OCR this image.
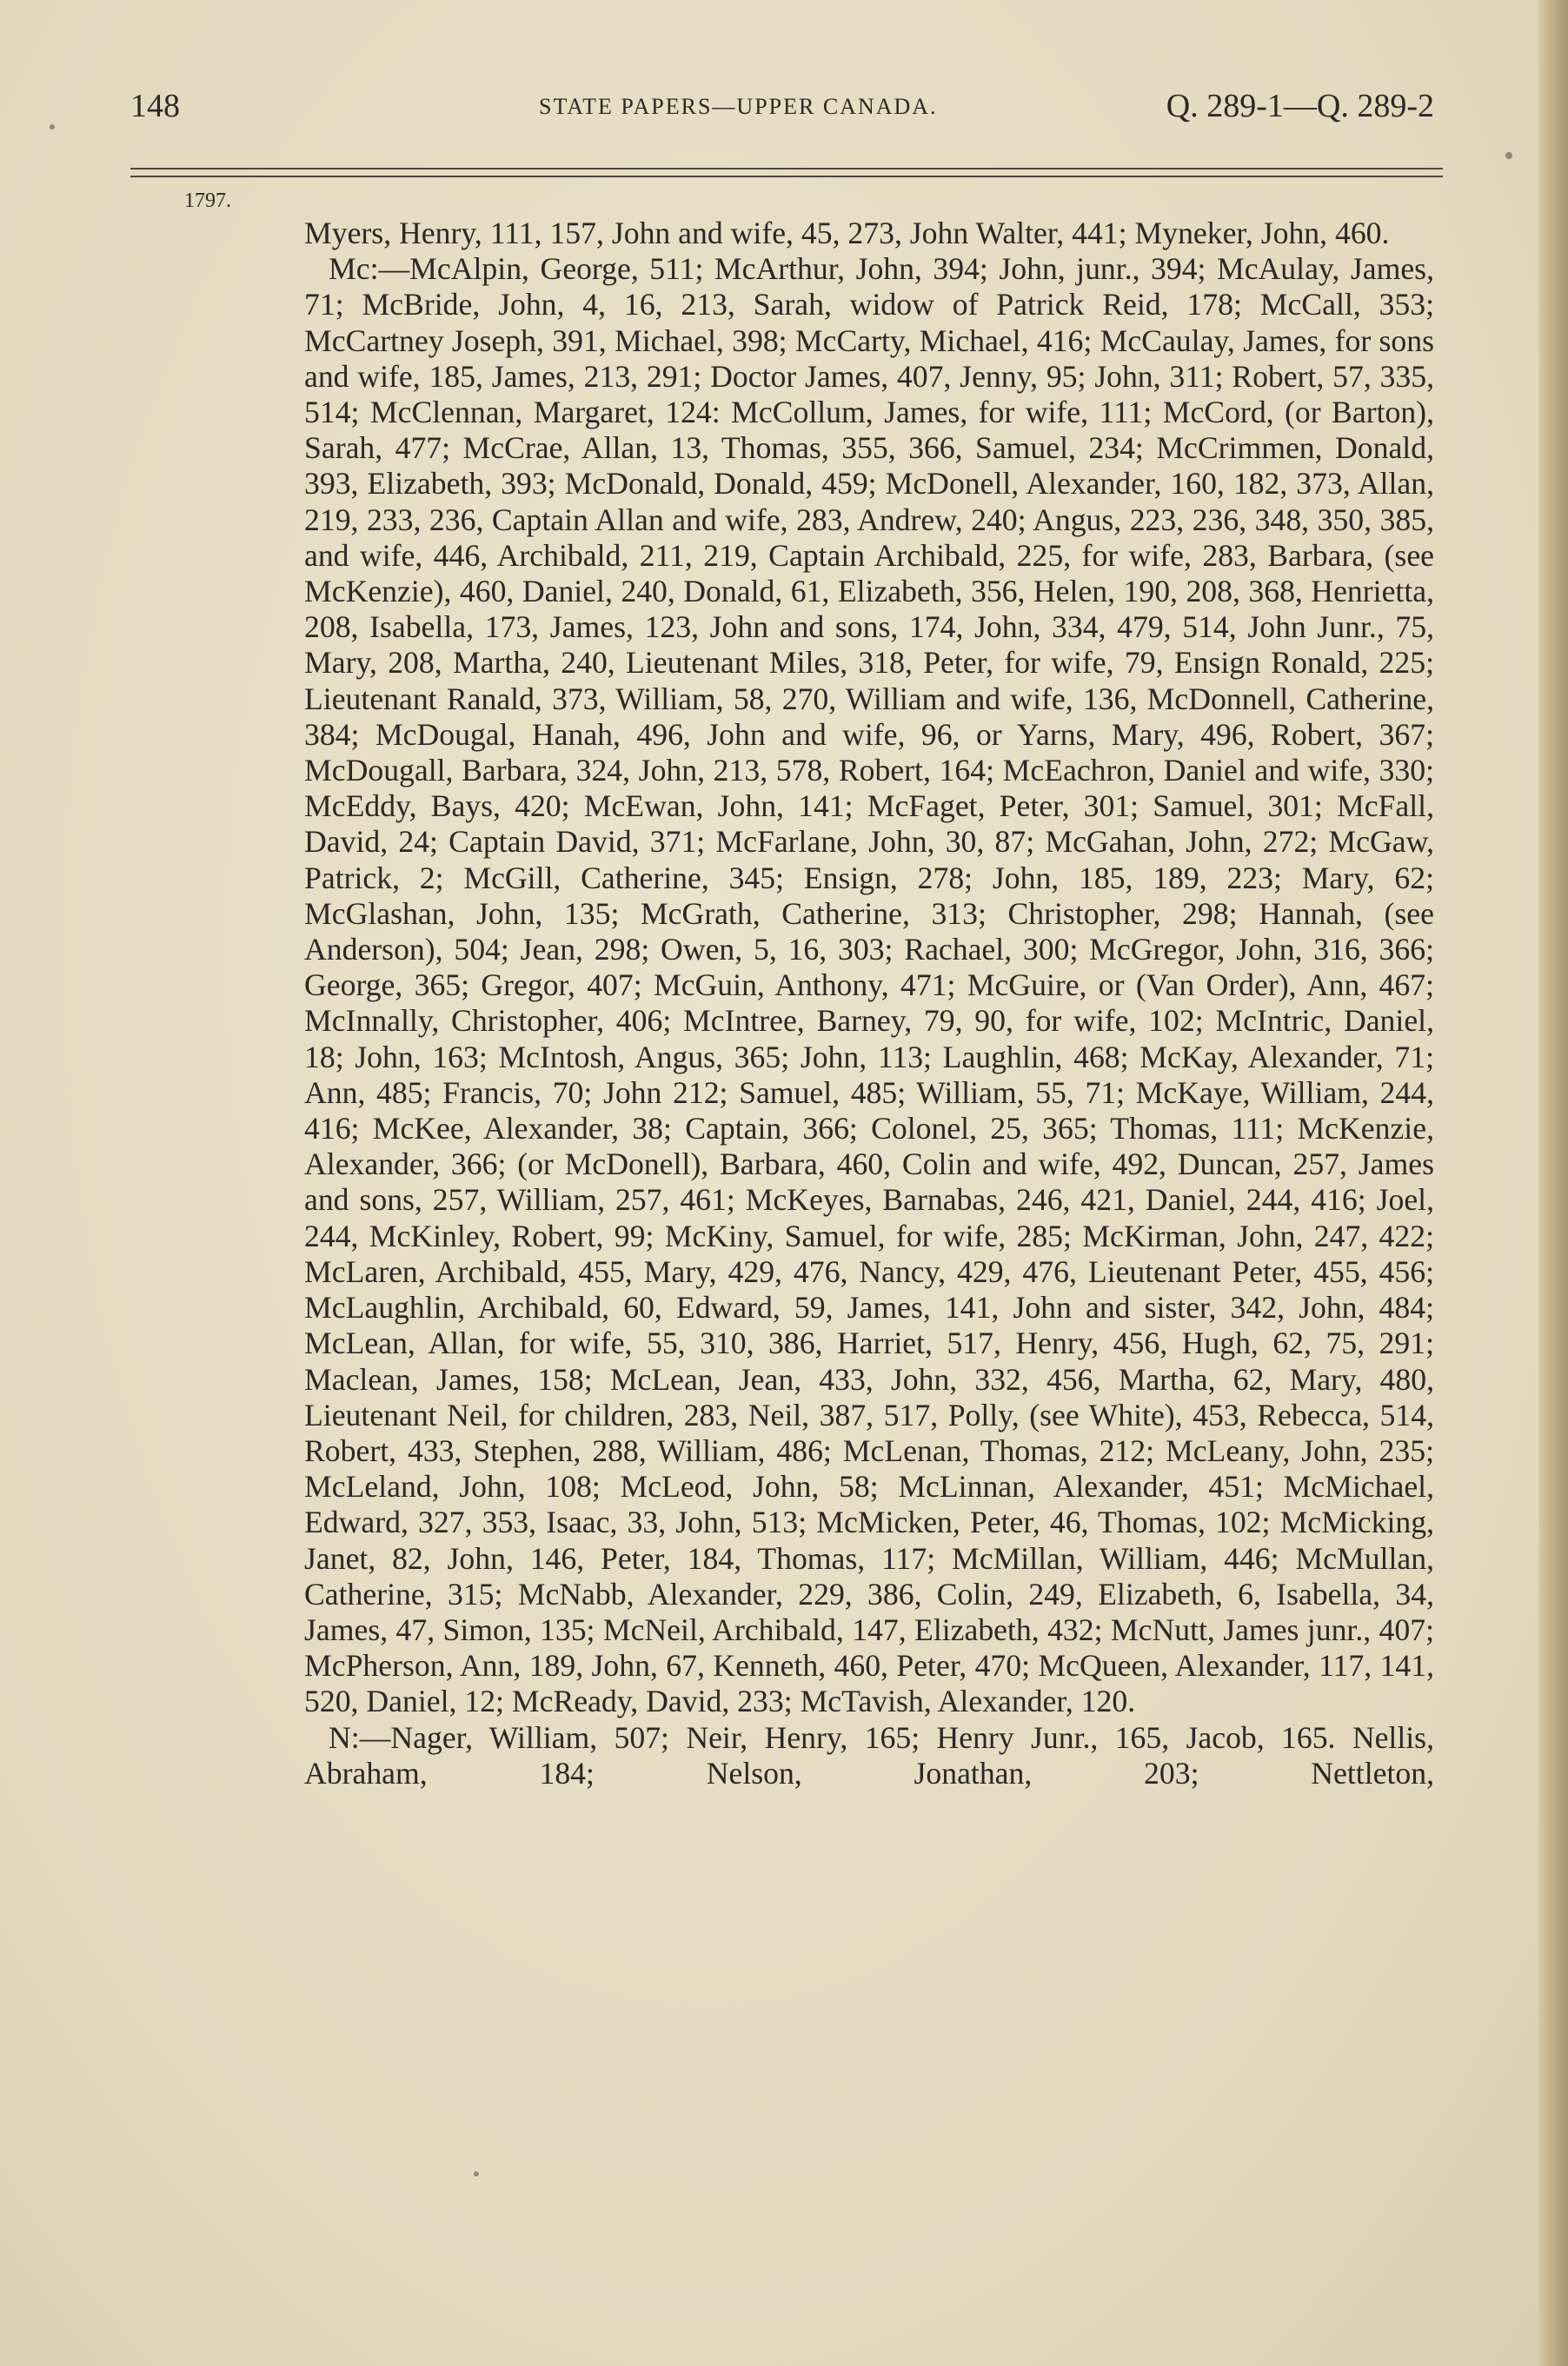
148	STATE PAPERS—UPPER CANADA.	Q. 289-1—Q. 289-2
1797.

Myers, Henry, 111, 157, John and wife, 45, 273, John Walter, 441; Myneker, John, 460.

Mc:—McAlpin, George, 511; McArthur, John, 394; John, junr., 394; McAulay, James, 71; McBride, John, 4, 16, 213, Sarah, widow of Patrick Reid, 178; McCall, 353; McCartney Joseph, 391, Michael, 398; McCarty, Michael, 416; McCaulay, James, for sons and wife, 185, James, 213, 291; Doctor James, 407, Jenny, 95; John, 311; Robert, 57, 335, 514; McClennan, Margaret, 124: McCollum, James, for wife, 111; McCord, (or Barton), Sarah, 477; McCrae, Allan, 13, Thomas, 355, 366, Samuel, 234; McCrimmen, Donald, 393, Elizabeth, 393; McDonald, Donald, 459; McDonell, Alexander, 160, 182, 373, Allan, 219, 233, 236, Captain Allan and wife, 283, Andrew, 240; Angus, 223, 236, 348, 350, 385, and wife, 446, Archibald, 211, 219, Captain Archibald, 225, for wife, 283, Barbara, (see McKenzie), 460, Daniel, 240, Donald, 61, Elizabeth, 356, Helen, 190, 208, 368, Henrietta, 208, Isabella, 173, James, 123, John and sons, 174, John, 334, 479, 514, John Junr., 75, Mary, 208, Martha, 240, Lieutenant Miles, 318, Peter, for wife, 79, Ensign Ronald, 225; Lieutenant Ranald, 373, William, 58, 270, William and wife, 136, McDonnell, Catherine, 384; McDougal, Hanah, 496, John and wife, 96, or Yarns, Mary, 496, Robert, 367; McDougall, Barbara, 324, John, 213, 578, Robert, 164; McEachron, Daniel and wife, 330; McEddy, Bays, 420; McEwan, John, 141; McFaget, Peter, 301; Samuel, 301; McFall, David, 24; Captain David, 371; McFarlane, John, 30, 87; McGahan, John, 272; McGaw, Patrick, 2; McGill, Catherine, 345; Ensign, 278; John, 185, 189, 223; Mary, 62; McGlashan, John, 135; McGrath, Catherine, 313; Christopher, 298; Hannah, (see Anderson), 504; Jean, 298; Owen, 5, 16, 303; Rachael, 300; McGregor, John, 316, 366; George, 365; Gregor, 407; McGuin, Anthony, 471; McGuire, or (Van Order), Ann, 467; McInnally, Christopher, 406; McIntree, Barney, 79, 90, for wife, 102; McIntric, Daniel, 18; John, 163; McIntosh, Angus, 365; John, 113; Laughlin, 468; McKay, Alexander, 71; Ann, 485; Francis, 70; John 212; Samuel, 485; William, 55, 71; McKaye, William, 244, 416; McKee, Alexander, 38; Captain, 366; Colonel, 25, 365; Thomas, 111; McKenzie, Alexander, 366; (or McDonell), Barbara, 460, Colin and wife, 492, Duncan, 257, James and sons, 257, William, 257, 461; McKeyes, Barnabas, 246, 421, Daniel, 244, 416; Joel, 244, McKinley, Robert, 99; McKiny, Samuel, for wife, 285; McKirman, John, 247, 422; McLaren, Archibald, 455, Mary, 429, 476, Nancy, 429, 476, Lieutenant Peter, 455, 456; McLaughlin, Archibald, 60, Edward, 59, James, 141, John and sister, 342, John, 484; McLean, Allan, for wife, 55, 310, 386, Harriet, 517, Henry, 456, Hugh, 62, 75, 291; Maclean, James, 158; McLean, Jean, 433, John, 332, 456, Martha, 62, Mary, 480, Lieutenant Neil, for children, 283, Neil, 387, 517, Polly, (see White), 453, Rebecca, 514, Robert, 433, Stephen, 288, William, 486; McLenan, Thomas, 212; McLeany, John, 235; McLeland, John, 108; McLeod, John, 58; McLinnan, Alexander, 451; McMichael, Edward, 327, 353, Isaac, 33, John, 513; McMicken, Peter, 46, Thomas, 102; McMicking, Janet, 82, John, 146, Peter, 184, Thomas, 117; McMillan, William, 446; McMullan, Catherine, 315; McNabb, Alexander, 229, 386, Colin, 249, Elizabeth, 6, Isabella, 34, James, 47, Simon, 135; McNeil, Archibald, 147, Elizabeth, 432; McNutt, James junr., 407; McPherson, Ann, 189, John, 67, Kenneth, 460, Peter, 470; McQueen, Alexander, 117, 141, 520, Daniel, 12; McReady, David, 233; McTavish, Alexander, 120.

N:—Nager, William, 507; Neir, Henry, 165; Henry Junr., 165, Jacob, 165. Nellis, Abraham, 184; Nelson, Jonathan, 203; Nettleton,
